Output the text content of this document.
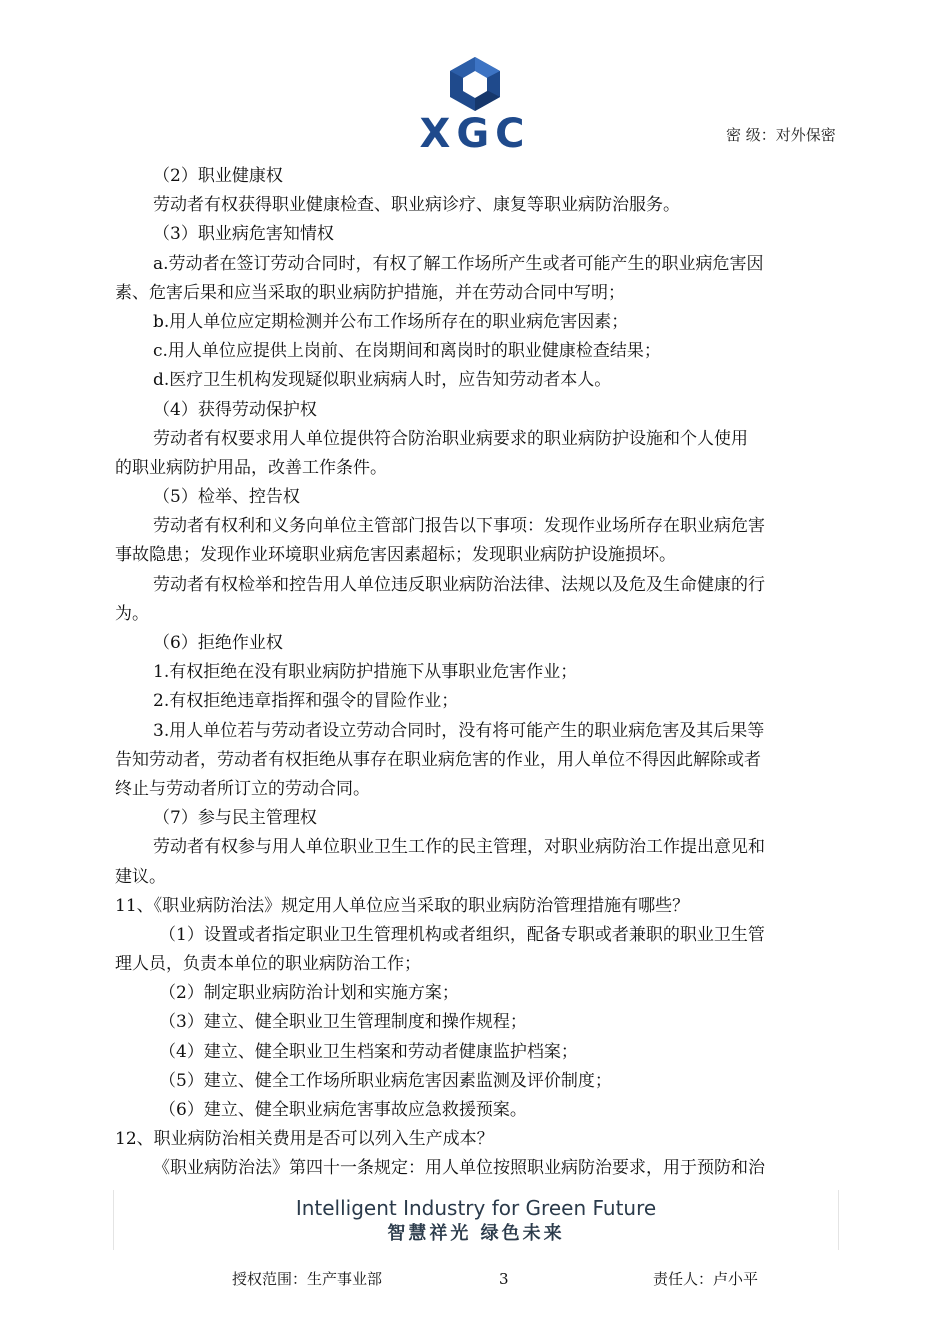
XGC	密 级：对外保密
（2）职业健康权
劳动者有权获得职业健康检查、职业病诊疗、康复等职业病防治服务。
（3）职业病危害知情权
a.劳动者在签订劳动合同时，有权了解工作场所产生或者可能产生的职业病危害因
素、危害后果和应当采取的职业病防护措施，并在劳动合同中写明；
b.用人单位应定期检测并公布工作场所存在的职业病危害因素；
c.用人单位应提供上岗前、在岗期间和离岗时的职业健康检查结果；
d.医疗卫生机构发现疑似职业病病人时，应告知劳动者本人。
（4）获得劳动保护权
劳动者有权要求用人单位提供符合防治职业病要求的职业病防护设施和个人使用
的职业病防护用品，改善工作条件。
（5）检举、控告权
劳动者有权利和义务向单位主管部门报告以下事项：发现作业场所存在职业病危害
事故隐患；发现作业环境职业病危害因素超标；发现职业病防护设施损坏。
劳动者有权检举和控告用人单位违反职业病防治法律、法规以及危及生命健康的行
为。
（6）拒绝作业权
1.有权拒绝在没有职业病防护措施下从事职业危害作业；
2.有权拒绝违章指挥和强令的冒险作业；
3.用人单位若与劳动者设立劳动合同时，没有将可能产生的职业病危害及其后果等
告知劳动者，劳动者有权拒绝从事存在职业病危害的作业，用人单位不得因此解除或者
终止与劳动者所订立的劳动合同。
（7）参与民主管理权
劳动者有权参与用人单位职业卫生工作的民主管理，对职业病防治工作提出意见和
建议。
11、《职业病防治法》规定用人单位应当采取的职业病防治管理措施有哪些？
（1）设置或者指定职业卫生管理机构或者组织，配备专职或者兼职的职业卫生管
理人员，负责本单位的职业病防治工作；
（2）制定职业病防治计划和实施方案；
（3）建立、健全职业卫生管理制度和操作规程；
（4）建立、健全职业卫生档案和劳动者健康监护档案；
（5）建立、健全工作场所职业病危害因素监测及评价制度；
（6）建立、健全职业病危害事故应急救援预案。
12、职业病防治相关费用是否可以列入生产成本？
《职业病防治法》第四十一条规定：用人单位按照职业病防治要求，用于预防和治
Intelligent Industry for Green Future
智慧祥光 绿色未来
授权范围：生产事业部	3	责任人：卢小平
